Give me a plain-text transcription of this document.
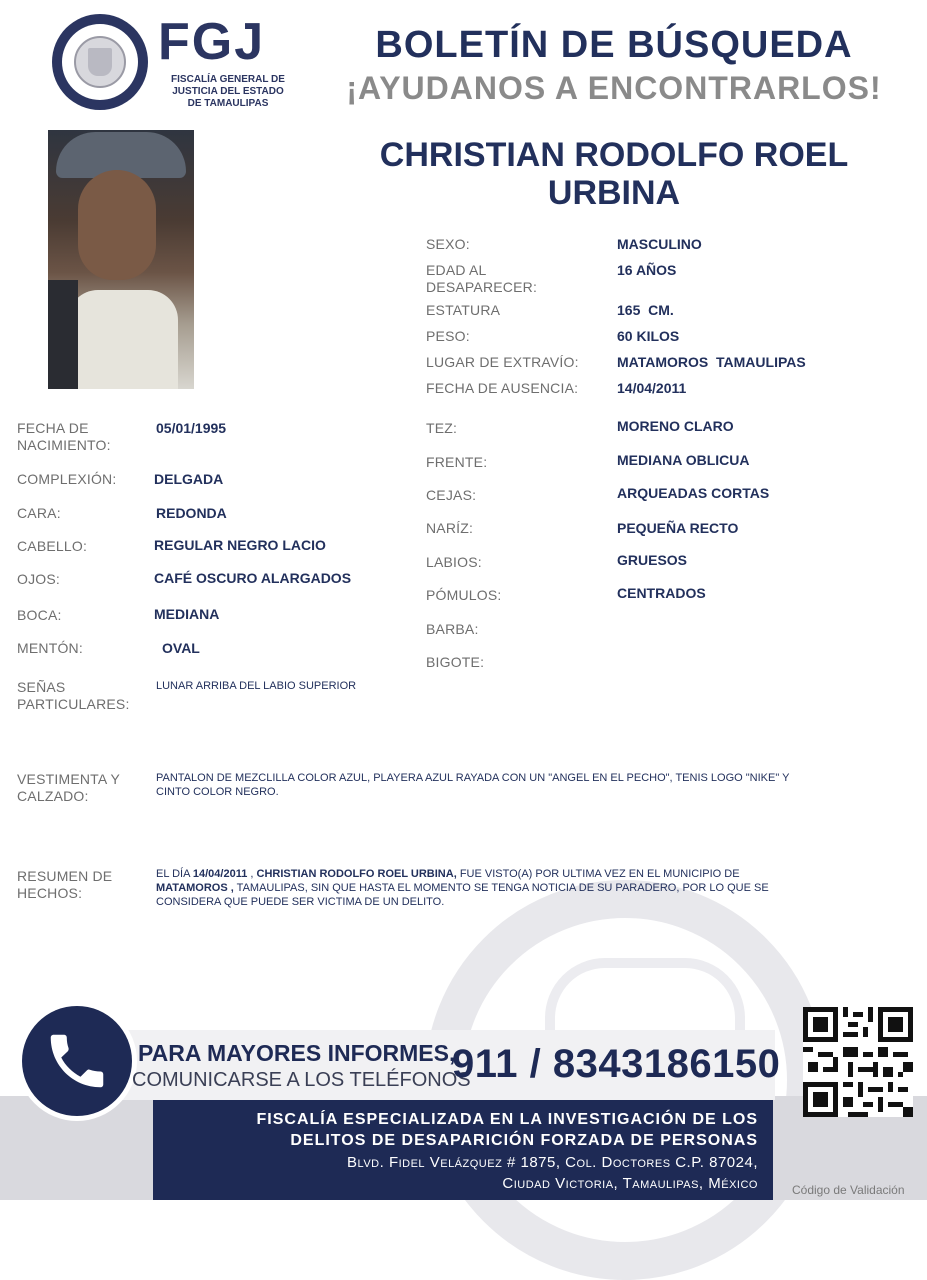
FGJ
FISCALÍA GENERAL DE
JUSTICIA DEL ESTADO
DE TAMAULIPAS
BOLETÍN DE BÚSQUEDA
¡AYUDANOS A ENCONTRARLOS!
CHRISTIAN RODOLFO ROEL
URBINA
SEXO:	MASCULINO
EDAD AL DESAPARECER:
16 AÑOS
ESTATURA	165  CM.
PESO:	60 KILOS
LUGAR DE EXTRAVÍO:	MATAMOROS  TAMAULIPAS
FECHA DE AUSENCIA:	14/04/2011
FECHA DE NACIMIENTO:
05/01/1995
COMPLEXIÓN:	DELGADA
CARA:	REDONDA
CABELLO:	REGULAR NEGRO LACIO
OJOS:	CAFÉ OSCURO ALARGADOS
BOCA:	MEDIANA
MENTÓN:	OVAL
SEÑAS PARTICULARES:
LUNAR ARRIBA DEL LABIO SUPERIOR
TEZ:	MORENO CLARO
FRENTE:	MEDIANA OBLICUA
CEJAS:	ARQUEADAS CORTAS
NARÍZ:	PEQUEÑA RECTO
LABIOS:	GRUESOS
PÓMULOS:	CENTRADOS
BARBA:
BIGOTE:
VESTIMENTA Y
CALZADO:
PANTALON DE MEZCLILLA COLOR AZUL, PLAYERA AZUL RAYADA CON UN "ANGEL EN EL PECHO", TENIS LOGO "NIKE" Y
CINTO COLOR NEGRO.
RESUMEN DE
HECHOS:
EL DÍA 14/04/2011 , CHRISTIAN RODOLFO ROEL URBINA, FUE VISTO(A) POR ULTIMA VEZ EN EL MUNICIPIO DE
MATAMOROS , TAMAULIPAS, SIN QUE HASTA EL MOMENTO SE TENGA NOTICIA DE SU PARADERO, POR LO QUE SE
CONSIDERA QUE PUEDE SER VICTIMA DE UN DELITO.
PARA MAYORES INFORMES,
COMUNICARSE A LOS TELÉFONOS
911 / 8343186150
FISCALÍA ESPECIALIZADA EN LA INVESTIGACIÓN DE LOS
DELITOS DE DESAPARICIÓN FORZADA DE PERSONAS
Blvd. Fidel Velázquez # 1875, Col. Doctores C.P. 87024,
Ciudad Victoria, Tamaulipas, México	Código de Validación
